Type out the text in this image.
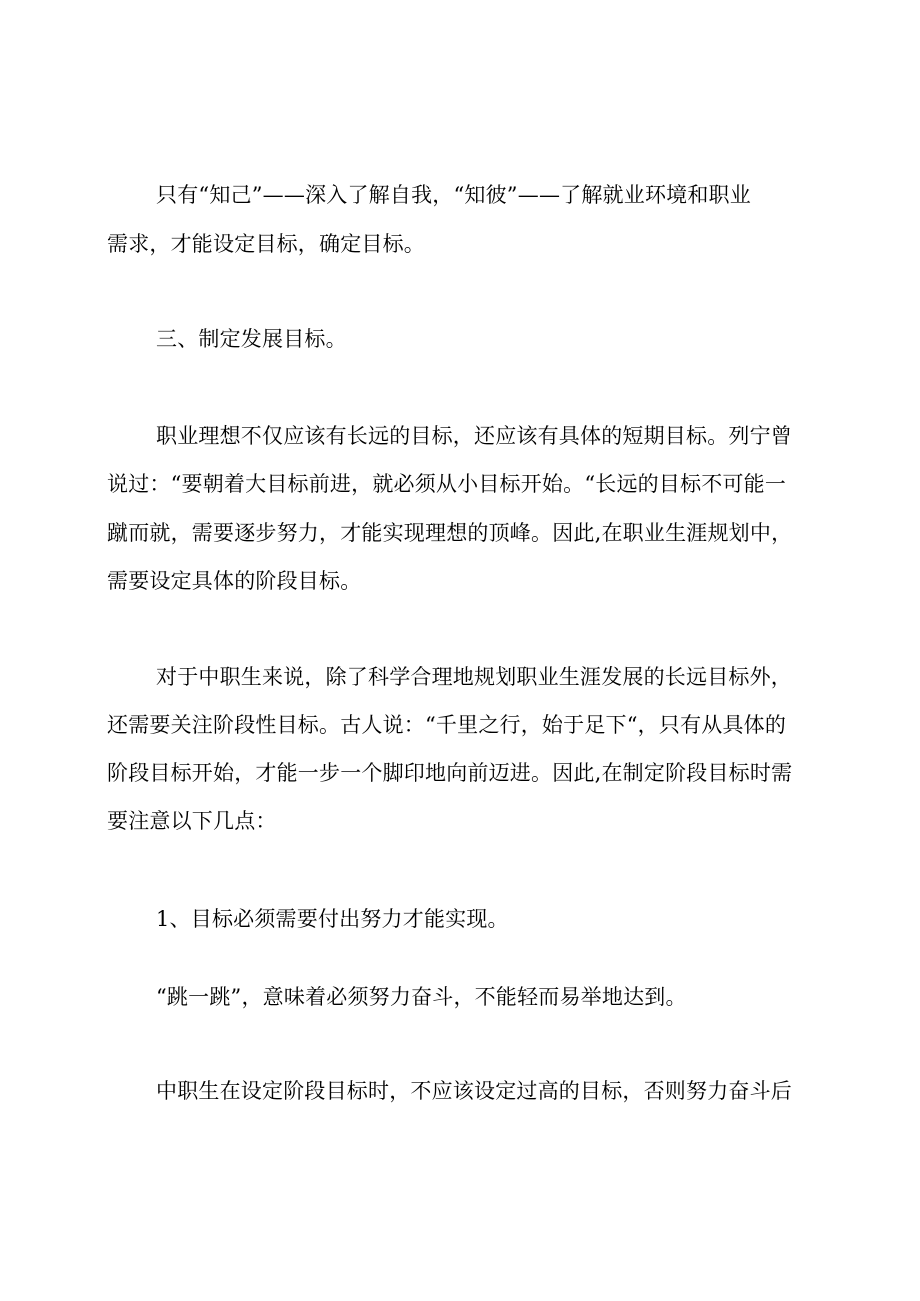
只有“知己”——深入了解自我，“知彼”——了解就业环境和职业
需求，才能设定目标，确定目标。
三、制定发展目标。
职业理想不仅应该有长远的目标，还应该有具体的短期目标。列宁曾
说过：“要朝着大目标前进，就必须从小目标开始。“长远的目标不可能一
蹴而就，需要逐步努力，才能实现理想的顶峰。因此,在职业生涯规划中，
需要设定具体的阶段目标。
对于中职生来说，除了科学合理地规划职业生涯发展的长远目标外，
还需要关注阶段性目标。古人说：“千里之行，始于足下“，只有从具体的
阶段目标开始，才能一步一个脚印地向前迈进。因此,在制定阶段目标时需
要注意以下几点：
1、目标必须需要付出努力才能实现。
“跳一跳”，意味着必须努力奋斗，不能轻而易举地达到。
中职生在设定阶段目标时，不应该设定过高的目标，否则努力奋斗后
